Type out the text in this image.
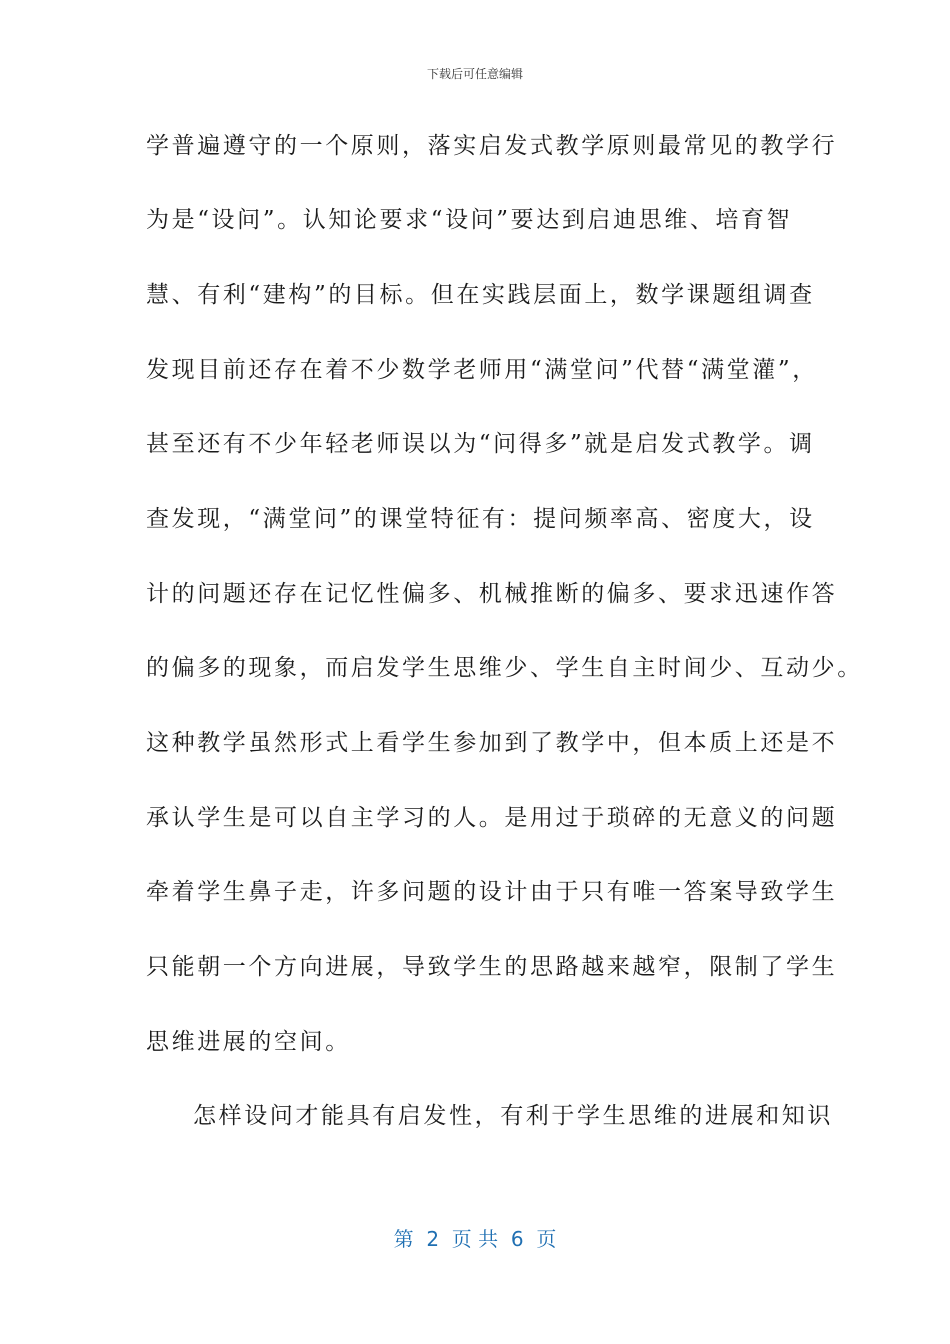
下载后可任意编辑
学普遍遵守的一个原则，落实启发式教学原则最常见的教学行
为是“设问”。认知论要求“设问”要达到启迪思维、培育智
慧、有利“建构”的目标。但在实践层面上，数学课题组调查
发现目前还存在着不少数学老师用“满堂问”代替“满堂灌”，
甚至还有不少年轻老师误以为“问得多”就是启发式教学。调
查发现，“满堂问”的课堂特征有：提问频率高、密度大，设
计的问题还存在记忆性偏多、机械推断的偏多、要求迅速作答
的偏多的现象，而启发学生思维少、学生自主时间少、互动少。
这种教学虽然形式上看学生参加到了教学中，但本质上还是不
承认学生是可以自主学习的人。是用过于琐碎的无意义的问题
牵着学生鼻子走，许多问题的设计由于只有唯一答案导致学生
只能朝一个方向进展，导致学生的思路越来越窄，限制了学生
思维进展的空间。
怎样设问才能具有启发性，有利于学生思维的进展和知识
第  2  页 共  6  页
